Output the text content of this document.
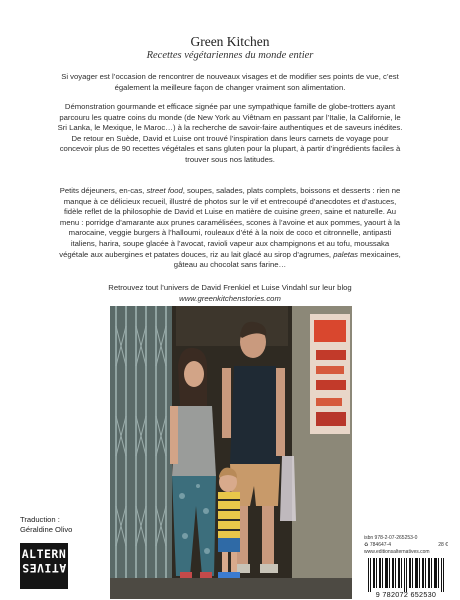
Green Kitchen
Recettes végétariennes du monde entier
Si voyager est l’occasion de rencontrer de nouveaux visages et de modifier ses points de vue, c’est également la meilleure façon de changer vraiment son alimentation.
Démonstration gourmande et efficace signée par une sympathique famille de globe-trotters ayant parcouru les quatre coins du monde (de New York au Viêtnam en passant par l’Italie, la Californie, le Sri Lanka, le Mexique, le Maroc…) à la recherche de savoir-faire authentiques et de saveurs inédites. De retour en Suède, David et Luise ont trouvé l’inspiration dans leurs carnets de voyage pour concevoir plus de 90 recettes végétales et sans gluten pour la plupart, à partir d’ingrédients faciles à trouver sous nos latitudes.
Petits déjeuners, en-cas, street food, soupes, salades, plats complets, boissons et desserts : rien ne manque à ce délicieux recueil, illustré de photos sur le vif et entrecoupé d’anecdotes et d’astuces, fidèle reflet de la philosophie de David et Luise en matière de cuisine green, saine et naturelle. Au menu : porridge d’amarante aux prunes caramélisées, scones à l’avoine et aux pommes, yaourt à la marocaine, veggie burgers à l’halloumi, rouleaux d’été à la noix de coco et citronnelle, antipasti italiens, harira, soupe glacée à l’avocat, ravioli vapeur aux champignons et au tofu, moussaka végétale aux aubergines et patates douces, riz au lait glacé au sirop d’agrumes, paletas mexicaines, gâteau au chocolat sans farine…
Retrouvez tout l’univers de David Frenkiel et Luise Vindahl sur leur blog
www.greenkitchenstories.com
Traduction :
Géraldine Olivo
ALTERN
ATIVES
isbn 978-2-07-265253-0
♻ 784647-4	28 €
www.editionsalternatives.com
9 782072 652530
